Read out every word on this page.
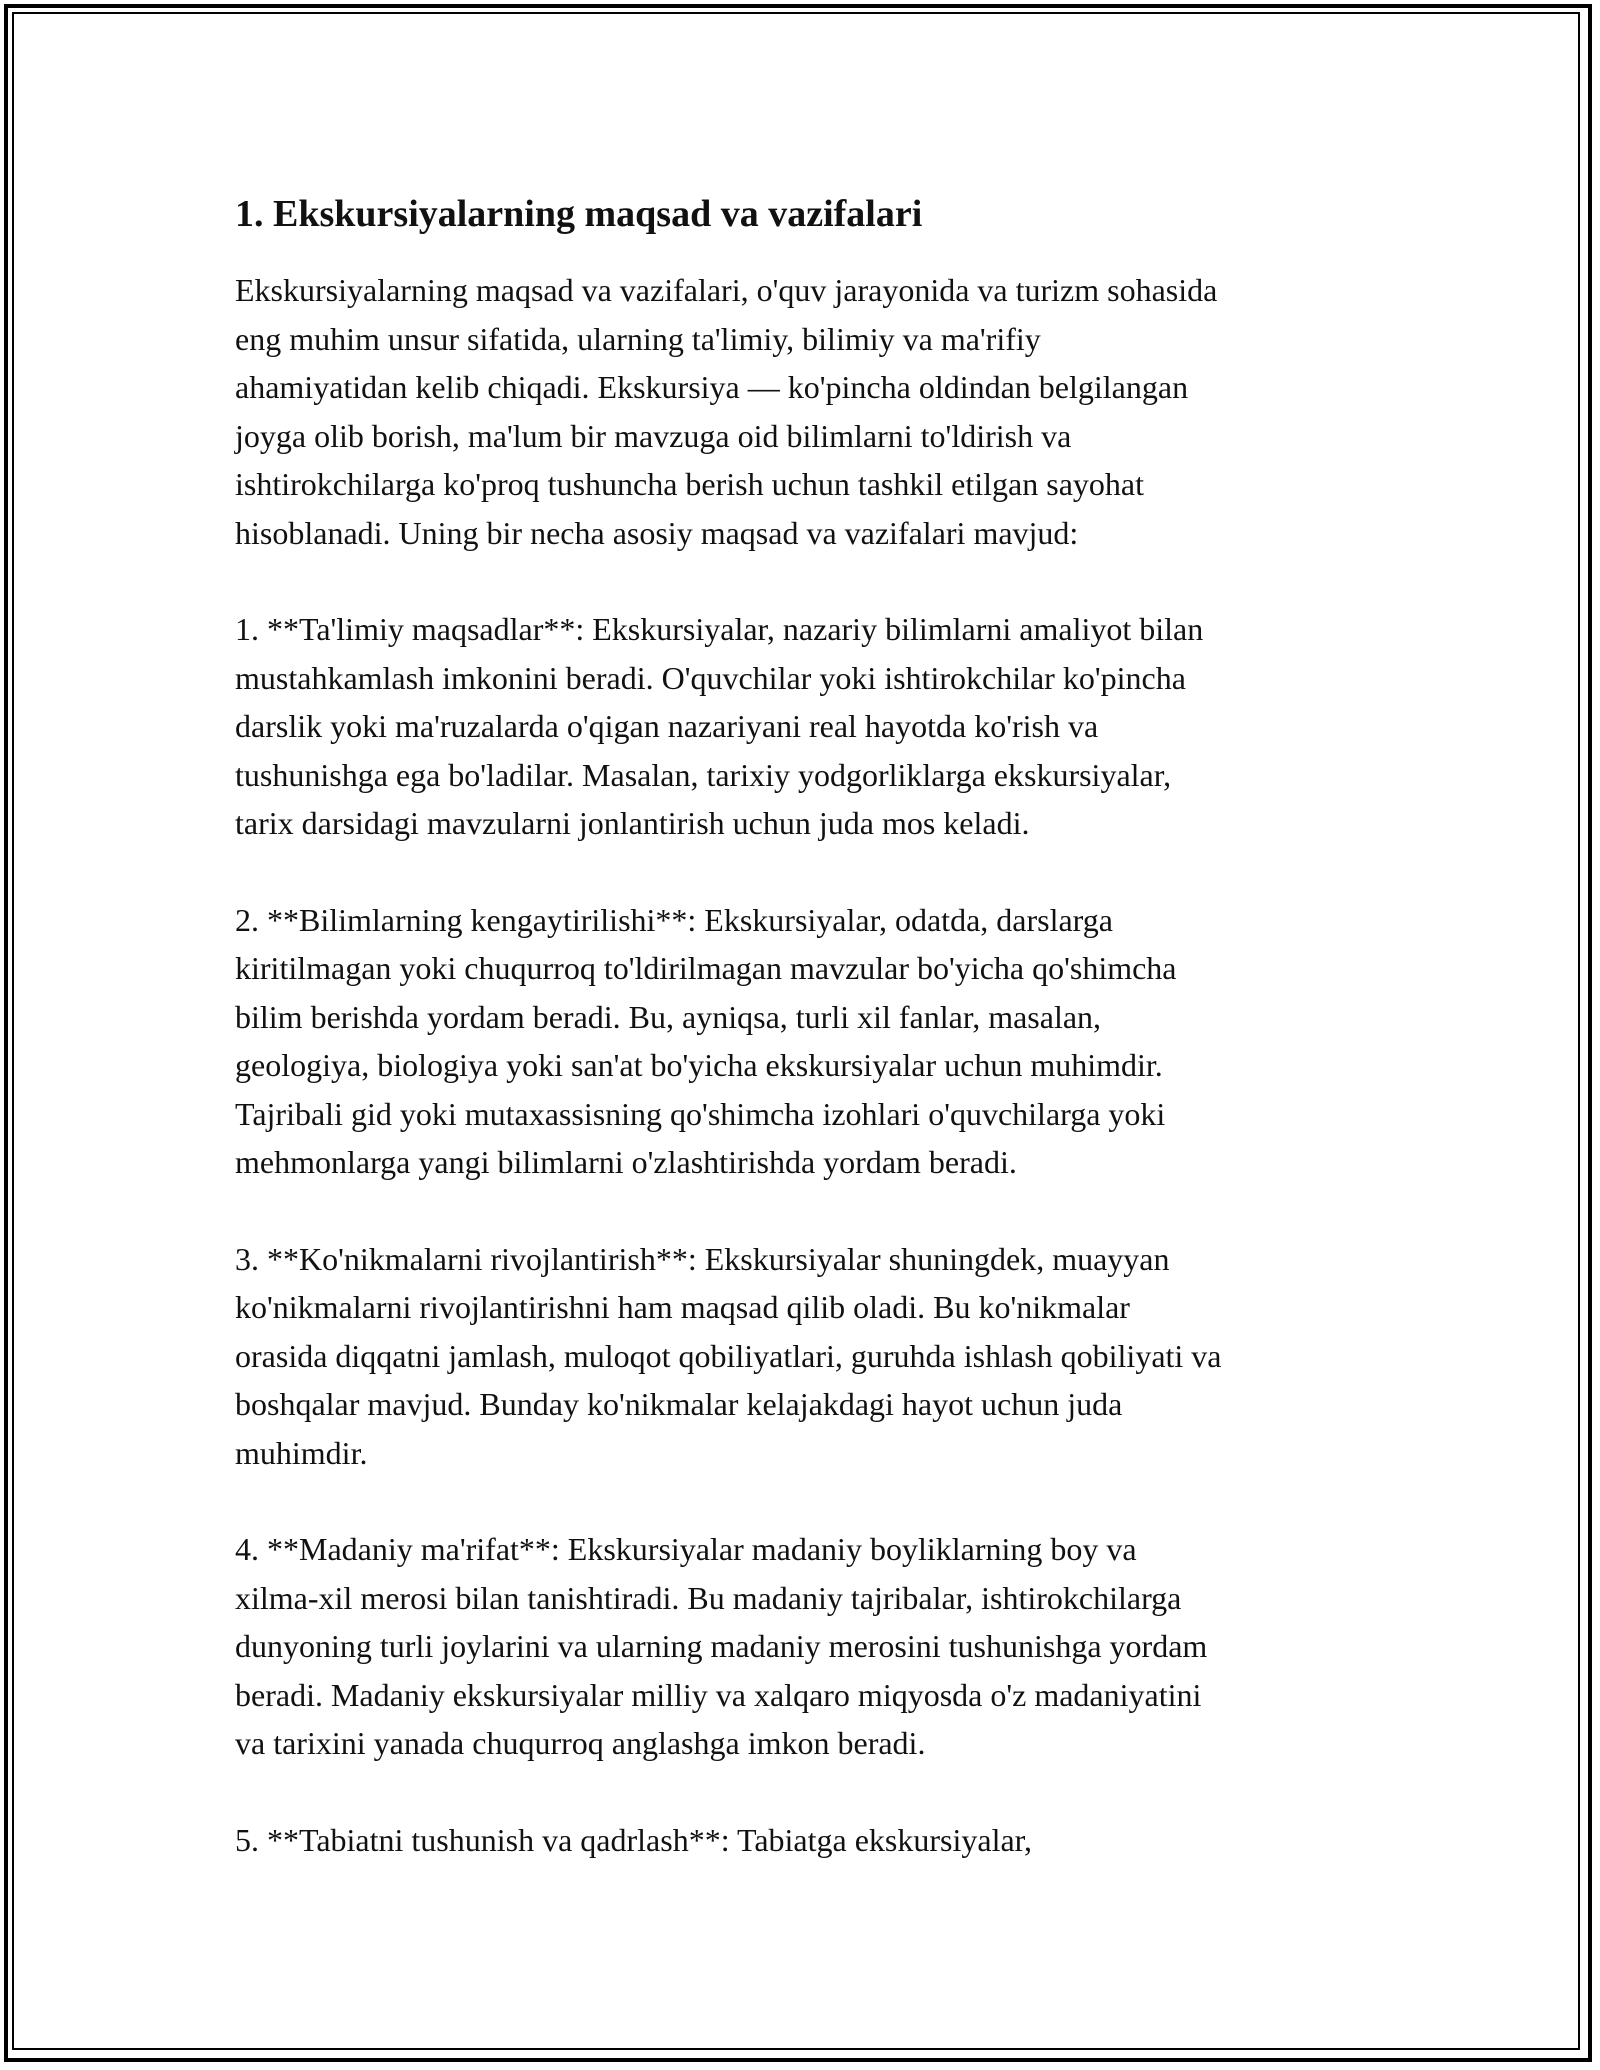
1. Ekskursiyalarning maqsad va vazifalari

Ekskursiyalarning maqsad va vazifalari, o'quv jarayonida va turizm sohasida
eng muhim unsur sifatida, ularning ta'limiy, bilimiy va ma'rifiy
ahamiyatidan kelib chiqadi. Ekskursiya — ko'pincha oldindan belgilangan
joyga olib borish, ma'lum bir mavzuga oid bilimlarni to'ldirish va
ishtirokchilarga ko'proq tushuncha berish uchun tashkil etilgan sayohat
hisoblanadi. Uning bir necha asosiy maqsad va vazifalari mavjud:

1. **Ta'limiy maqsadlar**: Ekskursiyalar, nazariy bilimlarni amaliyot bilan
mustahkamlash imkonini beradi. O'quvchilar yoki ishtirokchilar ko'pincha
darslik yoki ma'ruzalarda o'qigan nazariyani real hayotda ko'rish va
tushunishga ega bo'ladilar. Masalan, tarixiy yodgorliklarga ekskursiyalar,
tarix darsidagi mavzularni jonlantirish uchun juda mos keladi.

2. **Bilimlarning kengaytirilishi**: Ekskursiyalar, odatda, darslarga
kiritilmagan yoki chuqurroq to'ldirilmagan mavzular bo'yicha qo'shimcha
bilim berishda yordam beradi. Bu, ayniqsa, turli xil fanlar, masalan,
geologiya, biologiya yoki san'at bo'yicha ekskursiyalar uchun muhimdir.
Tajribali gid yoki mutaxassisning qo'shimcha izohlari o'quvchilarga yoki
mehmonlarga yangi bilimlarni o'zlashtirishda yordam beradi.

3. **Ko'nikmalarni rivojlantirish**: Ekskursiyalar shuningdek, muayyan
ko'nikmalarni rivojlantirishni ham maqsad qilib oladi. Bu ko'nikmalar
orasida diqqatni jamlash, muloqot qobiliyatlari, guruhda ishlash qobiliyati va
boshqalar mavjud. Bunday ko'nikmalar kelajakdagi hayot uchun juda
muhimdir.

4. **Madaniy ma'rifat**: Ekskursiyalar madaniy boyliklarning boy va
xilma-xil merosi bilan tanishtiradi. Bu madaniy tajribalar, ishtirokchilarga
dunyoning turli joylarini va ularning madaniy merosini tushunishga yordam
beradi. Madaniy ekskursiyalar milliy va xalqaro miqyosda o'z madaniyatini
va tarixini yanada chuqurroq anglashga imkon beradi.

5. **Tabiatni tushunish va qadrlash**: Tabiatga ekskursiyalar,
